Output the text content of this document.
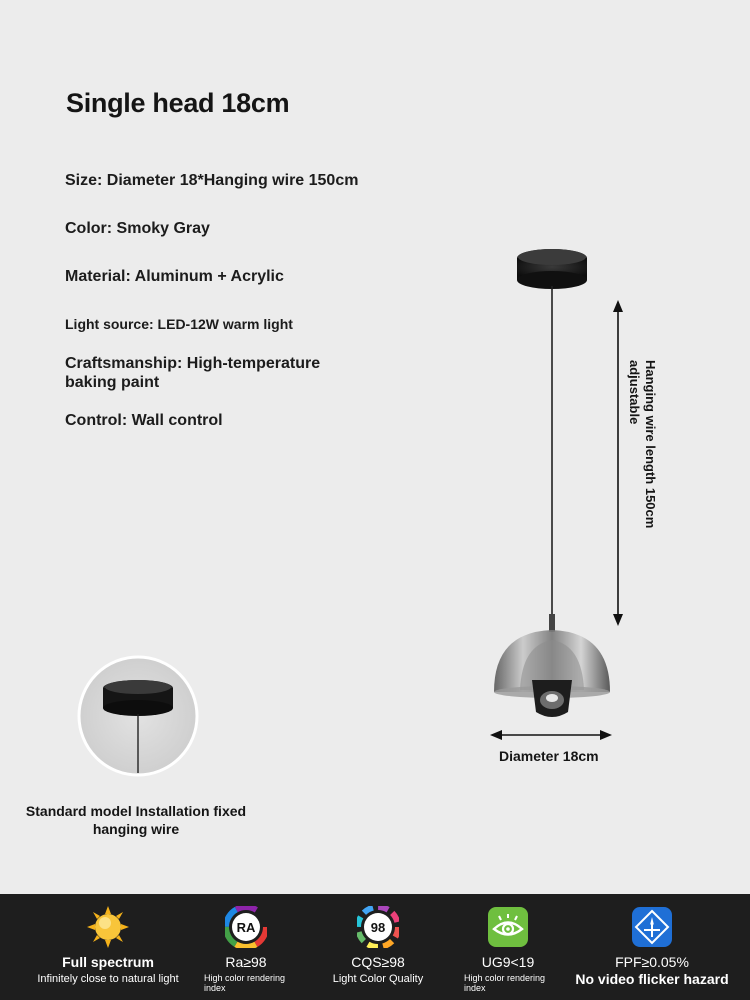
Single head 18cm
Size: Diameter 18*Hanging wire 150cm
Color: Smoky Gray
Material: Aluminum + Acrylic
Light source: LED-12W warm light
Craftsmanship: High-temperature baking paint
Control: Wall control	Hanging wire length 150cm adjustable
Diameter 18cm
Standard model Installation fixed hanging wire
Full spectrum
Infinitely close to natural light
RA
Ra≥98
High color rendering index
98
CQS≥98
Light Color Quality
UG9<19
High color rendering index
FPF≥0.05%
No video flicker hazard
